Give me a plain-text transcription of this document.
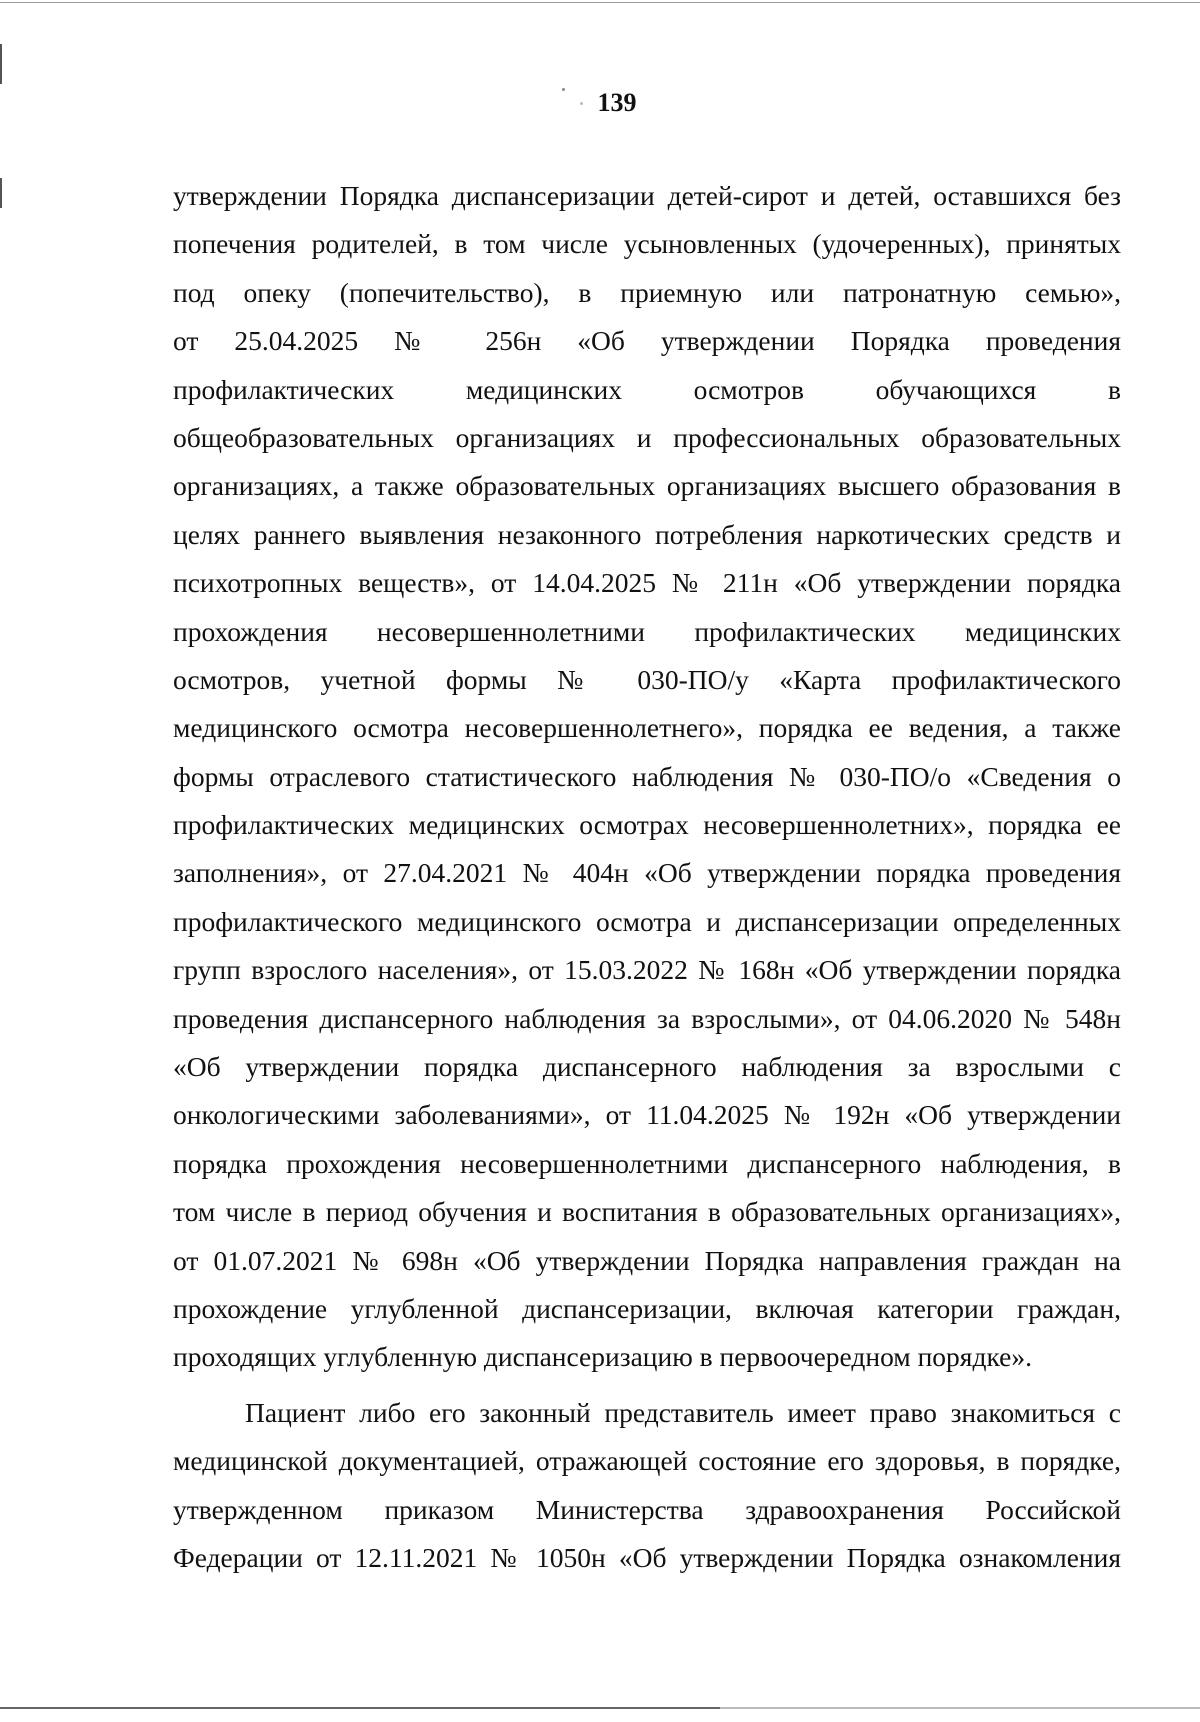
139
утверждении Порядка диспансеризации детей-сирот и детей, оставшихся без
попечения родителей, в том числе усыновленных (удочеренных), принятых
под опеку (попечительство), в приемную или патронатную семью»,
от 25.04.2025 № 256н «Об утверждении Порядка проведения
профилактических медицинских осмотров обучающихся в
общеобразовательных организациях и профессиональных образовательных
организациях, а также образовательных организациях высшего образования в
целях раннего выявления незаконного потребления наркотических средств и
психотропных веществ», от 14.04.2025 № 211н «Об утверждении порядка
прохождения несовершеннолетними профилактических медицинских
осмотров, учетной формы № 030-ПО/у «Карта профилактического
медицинского осмотра несовершеннолетнего», порядка ее ведения, а также
формы отраслевого статистического наблюдения № 030-ПО/о «Сведения о
профилактических медицинских осмотрах несовершеннолетних», порядка ее
заполнения», от 27.04.2021 № 404н «Об утверждении порядка проведения
профилактического медицинского осмотра и диспансеризации определенных
групп взрослого населения», от 15.03.2022 № 168н «Об утверждении порядка
проведения диспансерного наблюдения за взрослыми», от 04.06.2020 № 548н
«Об утверждении порядка диспансерного наблюдения за взрослыми с
онкологическими заболеваниями», от 11.04.2025 № 192н «Об утверждении
порядка прохождения несовершеннолетними диспансерного наблюдения, в
том числе в период обучения и воспитания в образовательных организациях»,
от 01.07.2021 № 698н «Об утверждении Порядка направления граждан на
прохождение углубленной диспансеризации, включая категории граждан,
проходящих углубленную диспансеризацию в первоочередном порядке».
Пациент либо его законный представитель имеет право знакомиться с
медицинской документацией, отражающей состояние его здоровья, в порядке,
утвержденном приказом Министерства здравоохранения Российской
Федерации от 12.11.2021 № 1050н «Об утверждении Порядка ознакомления
